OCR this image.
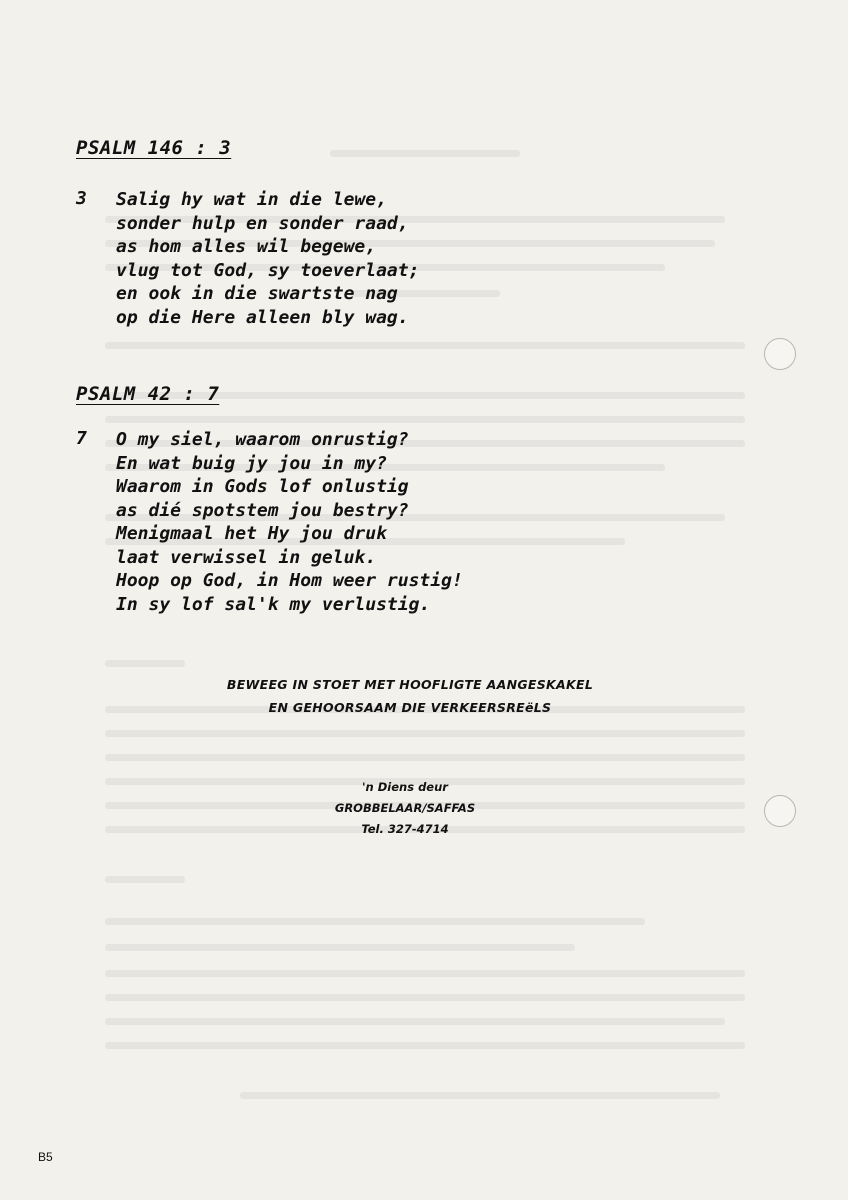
PSALM 146 : 3
3 Salig hy wat in die lewe,
sonder hulp en sonder raad,
as hom alles wil begewe,
vlug tot God, sy toeverlaat;
en ook in die swartste nag
op die Here alleen bly wag.
PSALM 42 : 7
7 O my siel, waarom onrustig?
En wat buig jy jou in my?
Waarom in Gods lof onlustig
as dié spotstem jou bestry?
Menigmaal het Hy jou druk
laat verwissel in geluk.
Hoop op God, in Hom weer rustig!
In sy lof sal'k my verlustig.
BEWEEG IN STOET MET HOOFLIGTE AANGESKAKEL
EN GEHOORSAAM DIE VERKEERSREëLS
'n Diens deur
GROBBELAAR/SAFFAS
Tel. 327-4714
B5
